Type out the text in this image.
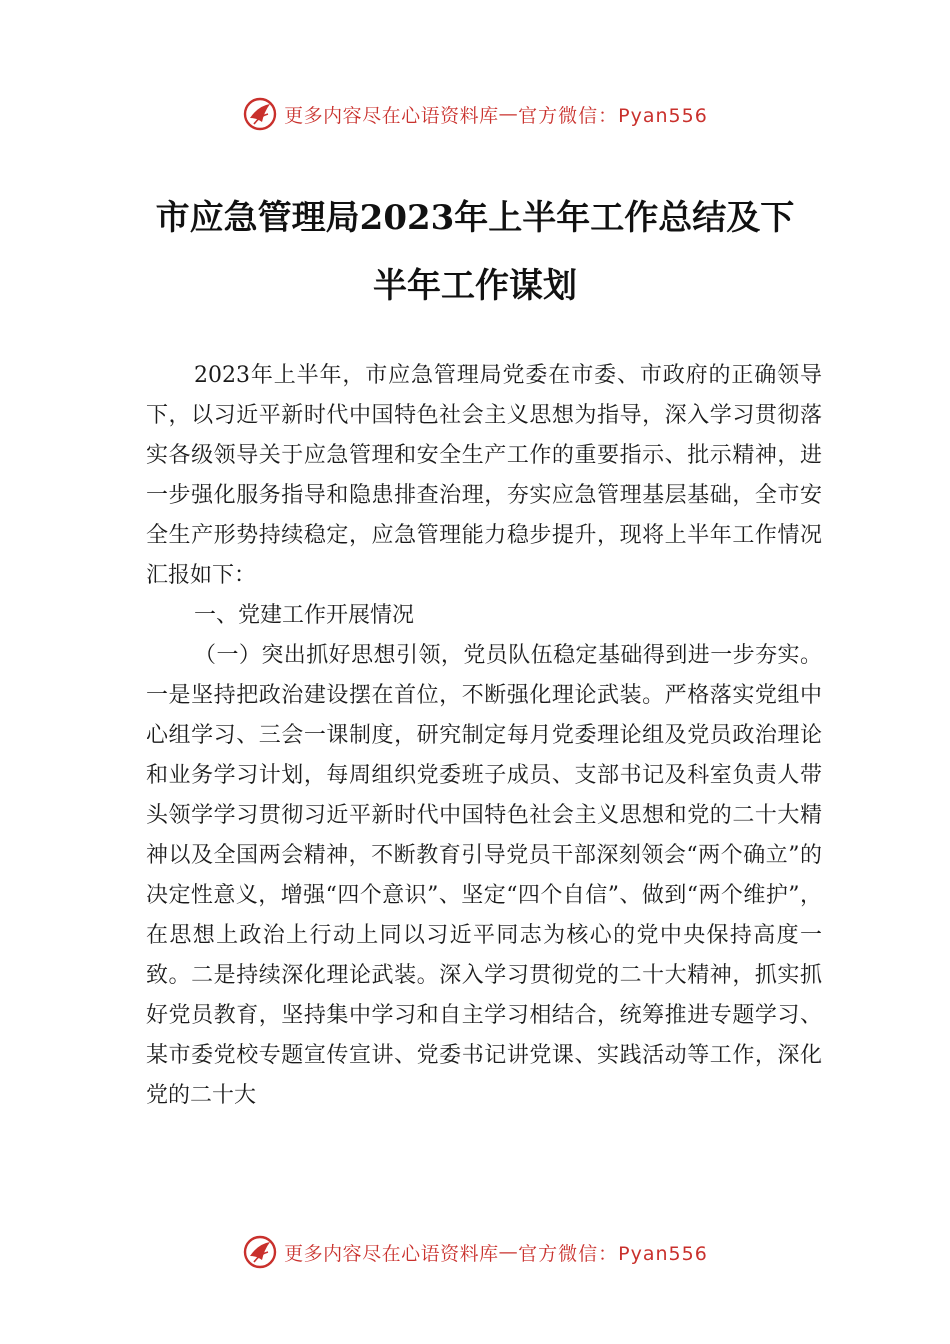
更多内容尽在心语资料库 — 官方微信：Pyan556
市应急管理局2023年上半年工作总结及下
半年工作谋划

2023年上半年，市应急管理局党委在市委、市政府的正确领导下，以习近平新时代中国特色社会主义思想为指导，深入学习贯彻落实各级领导关于应急管理和安全生产工作的重要指示、批示精神，进一步强化服务指导和隐患排查治理，夯实应急管理基层基础，全市安全生产形势持续稳定，应急管理能力稳步提升，现将上半年工作情况汇报如下：

一、党建工作开展情况

（一）突出抓好思想引领，党员队伍稳定基础得到进一步夯实。一是坚持把政治建设摆在首位，不断强化理论武装。严格落实党组中心组学习、三会一课制度，研究制定每月党委理论组及党员政治理论和业务学习计划，每周组织党委班子成员、支部书记及科室负责人带头领学学习贯彻习近平新时代中国特色社会主义思想和党的二十大精神以及全国两会精神，不断教育引导党员干部深刻领会“两个确立”的决定性意义，增强“四个意识”、坚定“四个自信”、做到“两个维护”，在思想上政治上行动上同以习近平同志为核心的党中央保持高度一致。二是持续深化理论武装。深入学习贯彻党的二十大精神，抓实抓好党员教育，坚持集中学习和自主学习相结合，统筹推进专题学习、某市委党校专题宣传宣讲、党委书记讲党课、实践活动等工作，深化党的二十大

更多内容尽在心语资料库 — 官方微信：Pyan556
